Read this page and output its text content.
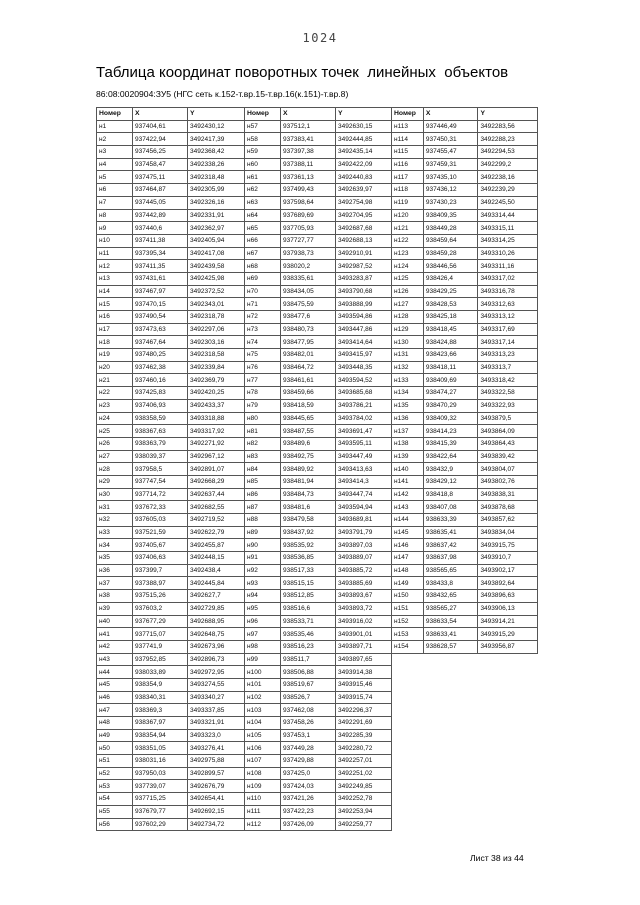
1024
Таблица координат поворотных точек  линейных  объектов
86:08:0020904:ЗУ5 (НГС сеть к.152-т.вр.15-т.вр.16(к.151)-т.вр.8)
Номер	X	Y
н1	937404,61	3492430,12
н2	937422,94	3492417,39
н3	937456,25	3492368,42
н4	937458,47	3492338,26
н5	937475,11	3492318,48
н6	937464,87	3492305,99
н7	937445,05	3492326,16
н8	937442,89	3492331,91
н9	937440,6	3492362,97
н10	937411,38	3492405,94
н11	937395,34	3492417,08
н12	937411,35	3492439,58
н13	937431,61	3492425,98
н14	937467,97	3492372,52
н15	937470,15	3492343,01
н16	937490,54	3492318,78
н17	937473,63	3492297,06
н18	937467,64	3492303,16
н19	937480,25	3492318,58
н20	937462,38	3492339,84
н21	937460,16	3492369,79
н22	937425,83	3492420,25
н23	937406,93	3492433,37
н24	938358,59	3493318,88
н25	938367,63	3493317,92
н26	938363,79	3492271,92
н27	938039,37	3492967,12
н28	937958,5	3492891,07
н29	937747,54	3492668,29
н30	937714,72	3492637,44
н31	937672,33	3492682,55
н32	937605,03	3492719,52
н33	937521,59	3492622,79
н34	937405,67	3492455,87
н35	937406,63	3492448,15
н36	937399,7	3492438,4
н37	937388,97	3492445,84
н38	937515,26	3492627,7
н39	937603,2	3492729,85
н40	937677,29	3492688,95
н41	937715,07	3492648,75
н42	937741,9	3492673,96
н43	937952,85	3492896,73
н44	938033,89	3492972,95
н45	938354,9	3493274,55
н46	938340,31	3493340,27
н47	938369,3	3493337,85
н48	938367,97	3493321,91
н49	938354,94	3493323,0
н50	938351,05	3493276,41
н51	938031,16	3492975,88
н52	937950,03	3492899,57
н53	937739,07	3492676,79
н54	937715,25	3492654,41
н55	937679,77	3492692,15
н56	937602,29	3492734,72
Номер	X	Y
н57	937512,1	3492630,15
н58	937383,41	3492444,85
н59	937397,38	3492435,14
н60	937388,11	3492422,09
н61	937361,13	3492440,83
н62	937499,43	3492639,97
н63	937598,64	3492754,98
н64	937689,69	3492704,95
н65	937705,93	3492687,68
н66	937727,77	3492688,13
н67	937938,73	3492910,91
н68	938020,2	3492987,52
н69	938335,61	3493283,87
н70	938434,05	3493790,68
н71	938475,59	3493888,99
н72	938477,6	3493594,86
н73	938480,73	3493447,86
н74	938477,95	3493414,64
н75	938482,01	3493415,97
н76	938464,72	3493448,35
н77	938461,61	3493594,52
н78	938459,66	3493685,68
н79	938418,59	3493786,21
н80	938445,65	3493784,02
н81	938487,55	3493691,47
н82	938489,6	3493595,11
н83	938492,75	3493447,49
н84	938489,92	3493413,63
н85	938481,94	3493414,3
н86	938484,73	3493447,74
н87	938481,6	3493594,94
н88	938479,58	3493689,81
н89	938437,92	3493791,79
н90	938535,92	3493897,03
н91	938536,85	3493889,07
н92	938517,33	3493885,72
н93	938515,15	3493885,69
н94	938512,85	3493893,67
н95	938516,6	3493893,72
н96	938533,71	3493916,02
н97	938535,46	3493901,01
н98	938516,23	3493897,71
н99	938511,7	3493897,65
н100	938506,88	3493914,38
н101	938519,67	3493915,46
н102	938526,7	3493915,74
н103	937462,08	3492296,37
н104	937458,26	3492291,69
н105	937453,1	3492285,39
н106	937449,28	3492280,72
н107	937429,88	3492257,01
н108	937425,0	3492251,02
н109	937424,03	3492249,85
н110	937421,26	3492252,78
н111	937422,23	3492253,94
н112	937426,09	3492259,77
Номер	X	Y
н113	937446,49	3492283,56
н114	937450,31	3492288,23
н115	937455,47	3492294,53
н116	937459,31	3492299,2
н117	937435,10	3492238,16
н118	937436,12	3492239,29
н119	937430,23	3492245,50
н120	938409,35	3493314,44
н121	938449,28	3493315,11
н122	938459,64	3493314,25
н123	938459,28	3493310,26
н124	938446,56	3493311,16
н125	938426,4	3493317,02
н126	938429,25	3493316,78
н127	938428,53	3493312,63
н128	938425,18	3493313,12
н129	938418,45	3493317,69
н130	938424,88	3493317,14
н131	938423,66	3493313,23
н132	938418,11	3493313,7
н133	938409,69	3493318,42
н134	938474,27	3493322,58
н135	938470,29	3493322,93
н136	938409,32	3493879,5
н137	938414,23	3493864,09
н138	938415,39	3493864,43
н139	938422,64	3493839,42
н140	938432,9	3493804,07
н141	938429,12	3493802,76
н142	938418,8	3493838,31
н143	938407,08	3493878,68
н144	938633,39	3493857,62
н145	938635,41	3493834,04
н146	938637,42	3493915,75
н147	938637,98	3493910,7
н148	938565,65	3493902,17
н149	938433,8	3493892,64
н150	938432,65	3493896,63
н151	938565,27	3493906,13
н152	938633,54	3493914,21
н153	938633,41	3493915,29
н154	938628,57	3493956,87
Лист 38 из 44
